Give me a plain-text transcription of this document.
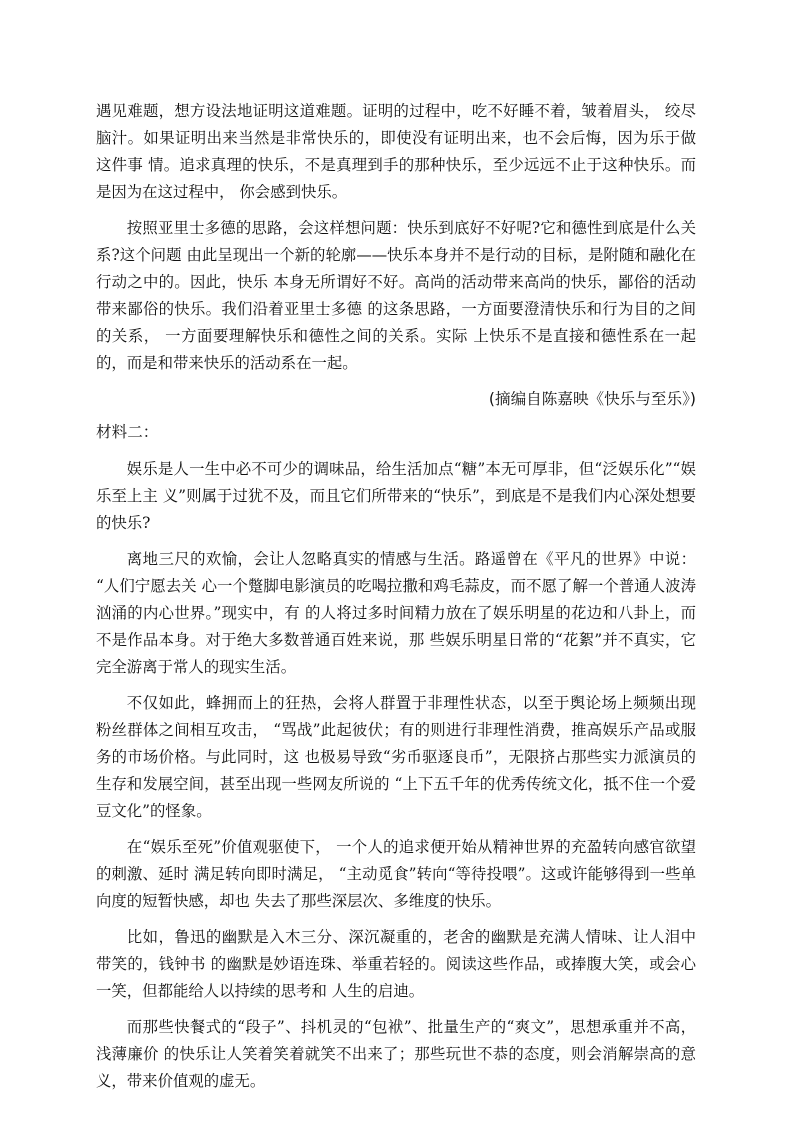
遇见难题，想方设法地证明这道难题。证明的过程中，吃不好睡不着，皱着眉头， 绞尽脑汁。如果证明出来当然是非常快乐的，即使没有证明出来，也不会后悔，因为乐于做这件事 情。追求真理的快乐，不是真理到手的那种快乐，至少远远不止于这种快乐。而是因为在这过程中， 你会感到快乐。

按照亚里士多德的思路，会这样想问题：快乐到底好不好呢?它和德性到底是什么关系?这个问题 由此呈现出一个新的轮廓——快乐本身并不是行动的目标，是附随和融化在行动之中的。因此，快乐 本身无所谓好不好。高尚的活动带来高尚的快乐，鄙俗的活动带来鄙俗的快乐。我们沿着亚里士多德 的这条思路，一方面要澄清快乐和行为目的之间的关系， 一方面要理解快乐和德性之间的关系。实际 上快乐不是直接和德性系在一起的，而是和带来快乐的活动系在一起。

(摘编自陈嘉映《快乐与至乐》)
材料二：

娱乐是人一生中必不可少的调味品，给生活加点“糖”本无可厚非，但“泛娱乐化”“娱乐至上主 义”则属于过犹不及，而且它们所带来的“快乐”，到底是不是我们内心深处想要的快乐?

离地三尺的欢愉，会让人忽略真实的情感与生活。路遥曾在《平凡的世界》中说： “人们宁愿去关 心一个蹩脚电影演员的吃喝拉撒和鸡毛蒜皮，而不愿了解一个普通人波涛汹涌的内心世界。”现实中，有 的人将过多时间精力放在了娱乐明星的花边和八卦上，而不是作品本身。对于绝大多数普通百姓来说，那 些娱乐明星日常的“花絮”并不真实，它完全游离于常人的现实生活。

不仅如此，蜂拥而上的狂热，会将人群置于非理性状态，以至于舆论场上频频出现粉丝群体之间相互攻击， “骂战”此起彼伏；有的则进行非理性消费，推高娱乐产品或服务的市场价格。与此同时，这 也极易导致“劣币驱逐良币”，无限挤占那些实力派演员的生存和发展空间，甚至出现一些网友所说的 “上下五千年的优秀传统文化，抵不住一个爱豆文化”的怪象。

在“娱乐至死”价值观驱使下， 一个人的追求便开始从精神世界的充盈转向感官欲望的刺激、延时 满足转向即时满足， “主动觅食”转向“等待投喂”。这或许能够得到一些单向度的短暂快感，却也 失去了那些深层次、多维度的快乐。

比如，鲁迅的幽默是入木三分、深沉凝重的，老舍的幽默是充满人情味、让人泪中带笑的，钱钟书 的幽默是妙语连珠、举重若轻的。阅读这些作品，或捧腹大笑，或会心一笑，但都能给人以持续的思考和 人生的启迪。

而那些快餐式的“段子”、抖机灵的“包袱”、批量生产的“爽文”，思想承重并不高，浅薄廉价 的快乐让人笑着笑着就笑不出来了；那些玩世不恭的态度，则会消解崇高的意义，带来价值观的虚无。
